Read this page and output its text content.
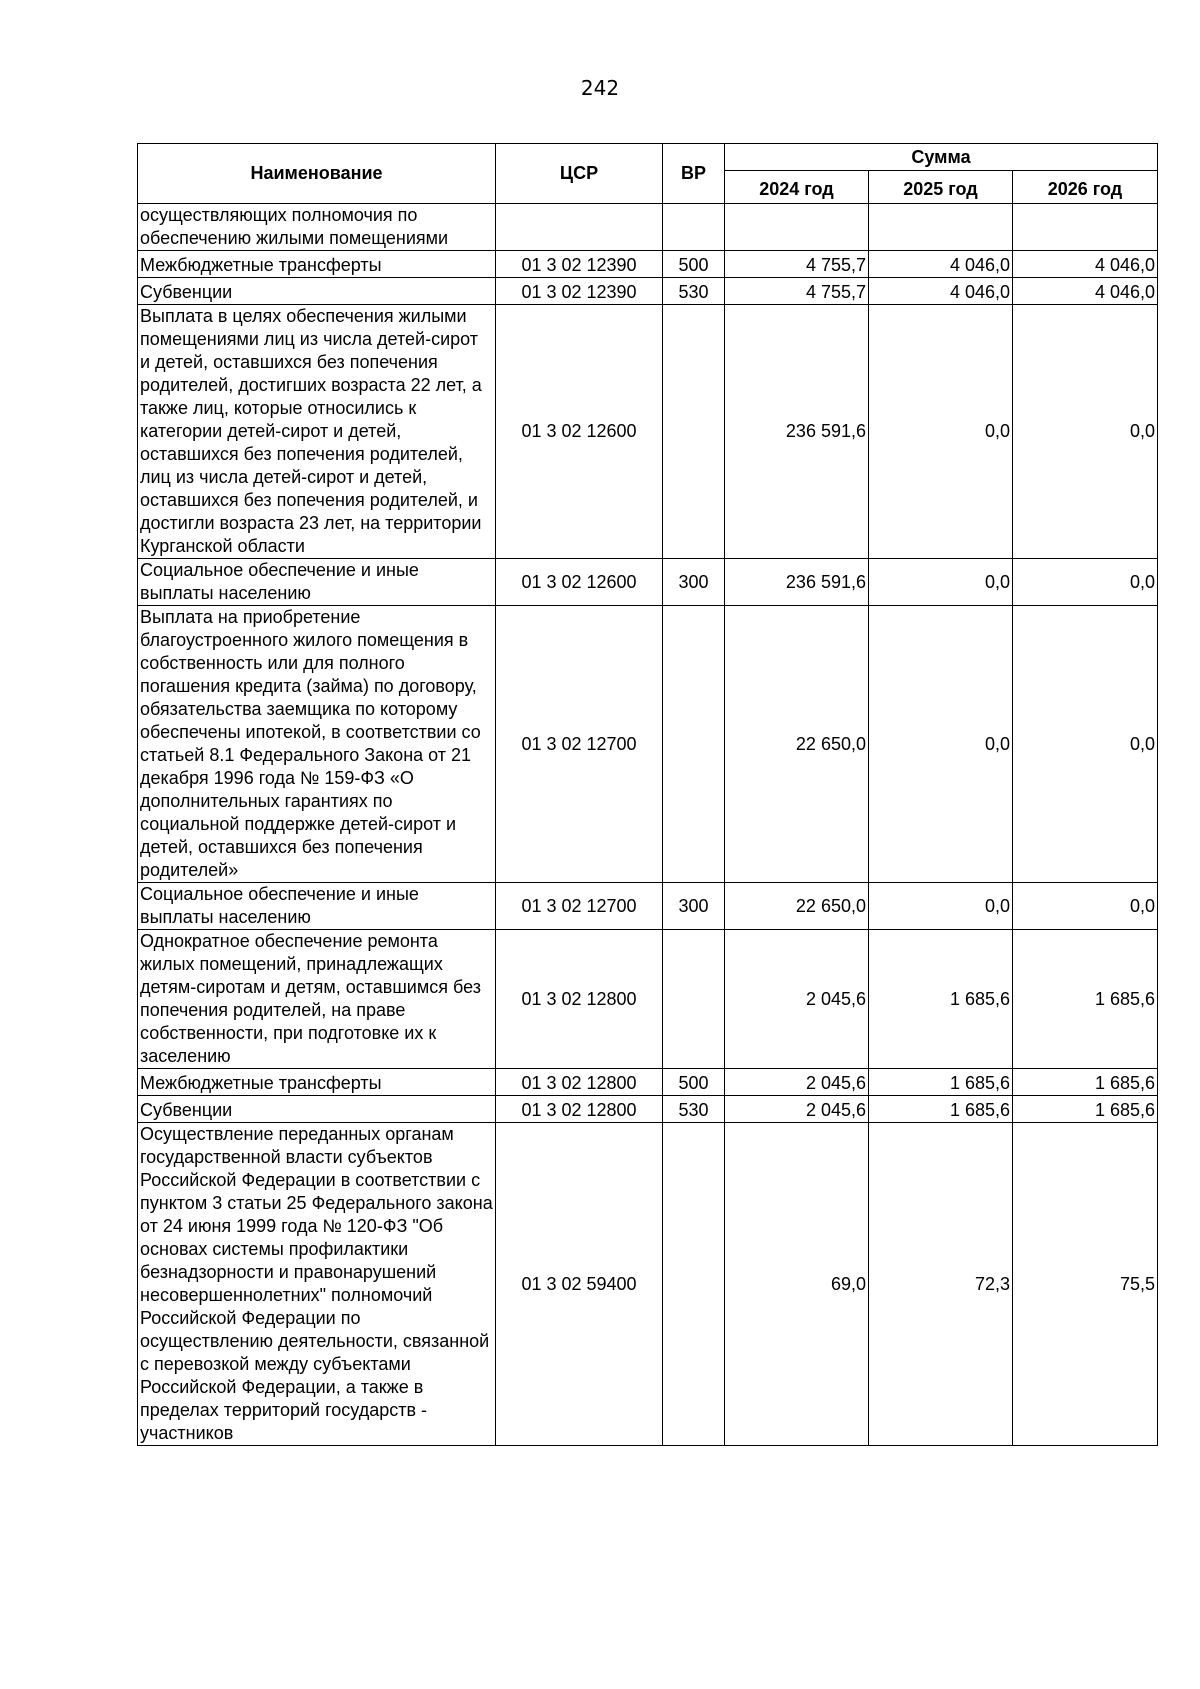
242
Наименование	ЦСР	ВР	Сумма		
			2024 год	2025 год	2026 год
осуществляющих полномочия по обеспечению жилыми помещениями					
Межбюджетные трансферты	01 3 02 12390	500	4 755,7	4 046,0	4 046,0
Субвенции	01 3 02 12390	530	4 755,7	4 046,0	4 046,0
Выплата в целях обеспечения жилыми помещениями лиц из числа детей-сирот и детей, оставшихся без попечения родителей, достигших возраста 22 лет, а также лиц, которые относились к категории детей-сирот и детей, оставшихся без попечения родителей, лиц из числа детей-сирот и детей, оставшихся без попечения родителей, и достигли возраста 23 лет, на территории Курганской области	01 3 02 12600		236 591,6	0,0	0,0
Социальное обеспечение и иные выплаты населению	01 3 02 12600	300	236 591,6	0,0	0,0
Выплата на приобретение благоустроенного жилого помещения в собственность или для полного погашения кредита (займа) по договору, обязательства заемщика по которому обеспечены ипотекой, в соответствии со статьей 8.1 Федерального Закона от 21 декабря 1996 года № 159-ФЗ «О дополнительных гарантиях по социальной поддержке детей-сирот и детей, оставшихся без попечения родителей»	01 3 02 12700		22 650,0	0,0	0,0
Социальное обеспечение и иные выплаты населению	01 3 02 12700	300	22 650,0	0,0	0,0
Однократное обеспечение ремонта жилых помещений, принадлежащих детям-сиротам и детям, оставшимся без попечения родителей, на праве собственности, при подготовке их к заселению	01 3 02 12800		2 045,6	1 685,6	1 685,6
Межбюджетные трансферты	01 3 02 12800	500	2 045,6	1 685,6	1 685,6
Субвенции	01 3 02 12800	530	2 045,6	1 685,6	1 685,6
Осуществление переданных органам государственной власти субъектов Российской Федерации в соответствии с пунктом 3 статьи 25 Федерального закона от 24 июня 1999 года № 120-ФЗ "Об основах системы профилактики безнадзорности и правонарушений несовершеннолетних" полномочий Российской Федерации по осуществлению деятельности, связанной с перевозкой между субъектами Российской Федерации, а также в пределах территорий государств - участников	01 3 02 59400		69,0	72,3	75,5
